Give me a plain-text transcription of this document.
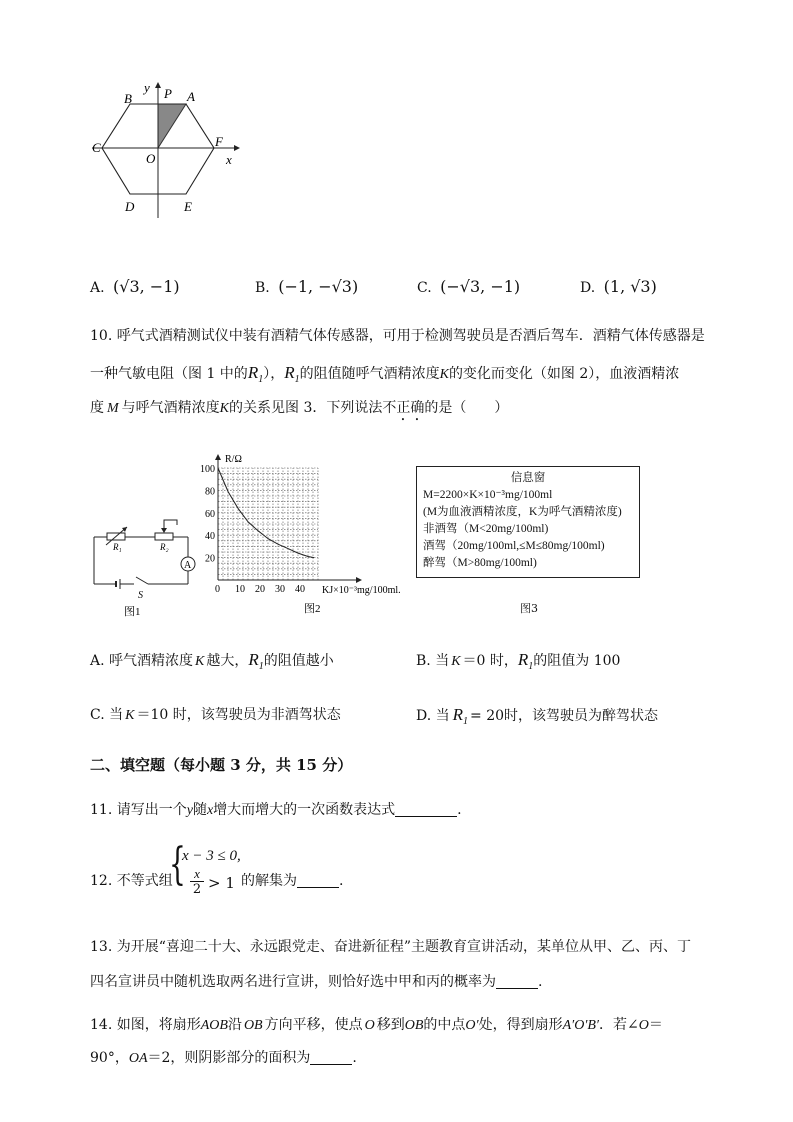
y P A
B
C	F
x
O
D	E
A. (√3, −1)	B. (−1, −√3)	C. (−√3, −1)	D. (1, √3)
10. 呼气式酒精测试仪中装有酒精气体传感器，可用于检测驾驶员是否酒后驾车．酒精气体传感器是
一种气敏电阻（图 1 中的$R_1$），$R_1$的阻值随呼气酒精浓度K的变化而变化（如图 2），血液酒精浓
度 M 与呼气酒精浓度K的关系见图 3．下列说法不正确的是（　　）
R₁	R₂
A
S
图1
0 10 20 30 40
20
40
60
80
100
R/Ω
KJ×10⁻³mg/100ml.
图2
信息窗
M=2200×K×10⁻³mg/100ml
(M为血液酒精浓度，K为呼气酒精浓度)
非酒驾（M<20mg/100ml)
酒驾（20mg/100ml,≤M≤80mg/100ml)
醉驾（M>80mg/100ml)
图3
A. 呼气酒精浓度 K 越大，$R_1$的阻值越小	B. 当 K ＝0 时，$R_1$的阻值为 100
C. 当 K ＝10 时，该驾驶员为非酒驾状态	D. 当 $R_1 = 20$时，该驾驶员为醉驾状态
二、填空题（每小题 3 分，共 15 分）
11. 请写出一个y随x增大而增大的一次函数表达式	.
12. 不等式组
{
x − 3 ≤ 0,
x
2 > 1 的解集为	.
13. 为开展“喜迎二十大、永远跟党走、奋进新征程”主题教育宣讲活动，某单位从甲、乙、丙、丁
四名宣讲员中随机选取两名进行宣讲，则恰好选中甲和丙的概率为	.
14. 如图，将扇形AOB沿 OB 方向平移，使点 O 移到OB的中点O′处，得到扇形A′O′B′．若∠O＝
90°，OA＝2，则阴影部分的面积为	.
